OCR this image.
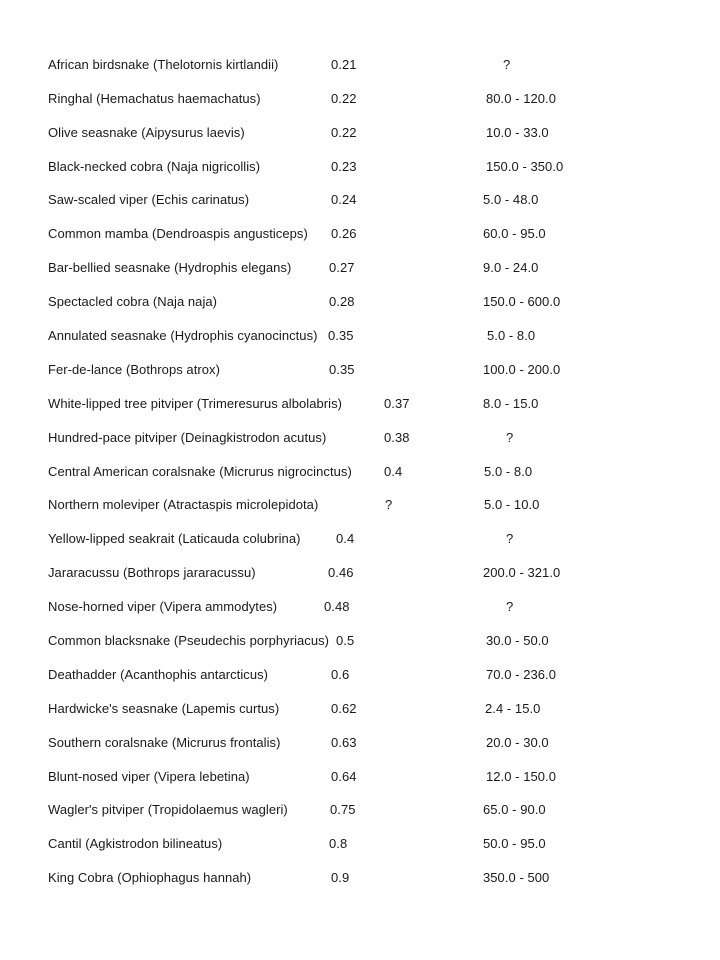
African birdsnake (Thelotornis kirtlandii)	0.21	?
Ringhal (Hemachatus haemachatus)	0.22	80.0 - 120.0
Olive seasnake (Aipysurus laevis)	0.22	10.0 - 33.0
Black-necked cobra (Naja nigricollis)	0.23	150.0 - 350.0
Saw-scaled viper (Echis carinatus)	0.24	5.0 - 48.0
Common mamba (Dendroaspis angusticeps) 0.26	60.0 - 95.0
Bar-bellied seasnake (Hydrophis elegans)	0.27	9.0 - 24.0
Spectacled cobra (Naja naja)	0.28	150.0 - 600.0
Annulated seasnake (Hydrophis cyanocinctus) 0.35	5.0 - 8.0
Fer-de-lance (Bothrops atrox)	0.35	100.0 - 200.0
White-lipped tree pitviper (Trimeresurus albolabris)	0.37	8.0 - 15.0
Hundred-pace pitviper (Deinagkistrodon acutus)	0.38	?
Central American coralsnake (Micrurus nigrocinctus) 0.4	5.0 - 8.0
Northern moleviper (Atractaspis microlepidota)	?	5.0 - 10.0
Yellow-lipped seakrait (Laticauda colubrina)	0.4	?
Jararacussu (Bothrops jararacussu)	0.46	200.0 - 321.0
Nose-horned viper (Vipera ammodytes)	0.48	?
Common blacksnake (Pseudechis porphyriacus) 0.5	30.0 - 50.0
Deathadder (Acanthophis antarcticus)	0.6	70.0 - 236.0
Hardwicke's seasnake (Lapemis curtus)	0.62	2.4 - 15.0
Southern coralsnake (Micrurus frontalis)	0.63	20.0 - 30.0
Blunt-nosed viper (Vipera lebetina)	0.64	12.0 - 150.0
Wagler's pitviper (Tropidolaemus wagleri)	0.75	65.0 - 90.0
Cantil (Agkistrodon bilineatus)	0.8	50.0 - 95.0
King Cobra (Ophiophagus hannah)	0.9	350.0 - 500
